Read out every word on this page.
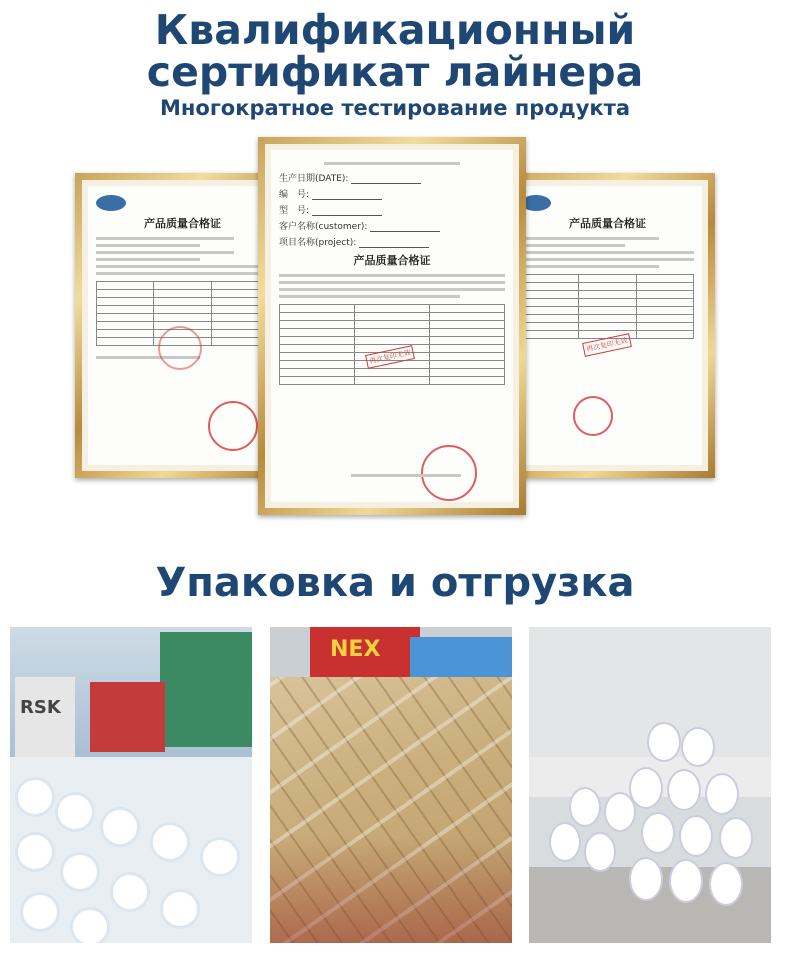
Квалификационный
сертификат лайнера
Многократное тестирование продукта
产品质量合格证

			产品质量合格证

再次复印无效
生产日期(DATE):
编　号:
型　号:
客户名称(customer):
项目名称(project):
产品质量合格证

再次复印无效
Упаковка и отгрузка
RSK
NEX
